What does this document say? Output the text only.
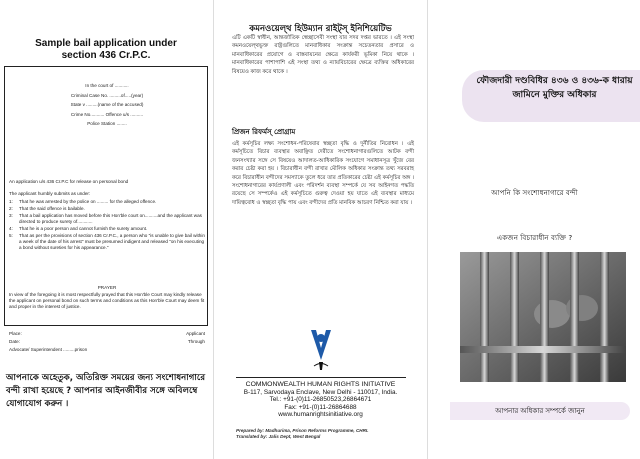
Sample bail application under
section 436 Cr.P.C.
In the court of ...........
Criminal Case No. .........of.....(year)
State v .........(name of the accused)
Crime No........... Offence u/s ..........
Police Station ........
An application u/s 436 Cr.P.C for release on personal bond
The applicant humbly submits as under:
1: That he was arrested by the police on ......... for the alleged offence.
2: That the said offence is bailable.
3: That a bail application has moved before this Hon'ble court on..........and the applicant was directed to produce surety of............
4: That he is a poor person and cannot furnish the surety amount.
5: That as per the provisions of section 436 Cr.P.C., a person who "is unable to give bail within a week of the date of his arrest" must be presumed indigent and released "on his executing a bond without sureties for his appearance."
PRAYER
In view of the foregoing it is most respectfully prayed that this Hon'ble Court may kindly release the applicant on personal bond on such terms and conditions as this Hon'ble Court may deem fit and proper in the interest of justice.
Place:	Applicant
Date:	Through
Advocate/ Superintendent .........prison
আপনাকে অহেতুক, অতিরিক্ত সময়ের জন্য সংশোধনাগারে বন্দী রাখা হয়েছে ? আপনার আইনজীবীর সঙ্গে অবিলম্বে যোগাযোগ করুন ।
কমনওয়েল্থ হিউম্যান রাইট্স্ ইনিশিয়েটিভ
এটি একটি স্বাধীন, আন্তর্জাতিক স্বেচ্ছাসেবী সংস্থা যার সদর দপ্তর ভারতে । এই সংস্থা কমনওয়েল্থভুক্ত রাষ্ট্রগুলিতে মানবাধিকার সংক্রান্ত সচেতনতার প্রসারে ও মানবাধিকারের প্রয়োগে ও বাস্তবায়নের ক্ষেত্রে কার্যকরী ভূমিকা নিয়ে থাকে । মানবাধিকারের পাশাপাশি এই সংস্থা তথ্য ও ন্যায়বিচারের ক্ষেত্রে ব্যক্তির অধিকারের বিষয়েও কাজ করে থাকে ।
প্রিজন রিফর্মস্ প্রোগ্রাম
এই কর্মসূচির লক্ষ্য সংশোধন-পরিষেবার স্বচ্ছতা বৃদ্ধি ও দুর্নীতির নিরোধন । এই কর্মসূচিতে বিচার ব্যবস্থার অবাঞ্ছিত দেরীতে সংশোধনাগারগুলিতে আটক বন্দী জনসংখ্যার সঙ্গে সে বিষয়েও আদালত-আধিকারিক সংযোগে সমাধানসূত্র খুঁজে বের করার চেষ্টা করা হয় । বিচারাধীন বন্দী রাখার মৌলিক অধিকার সংক্রান্ত তথ্য সরবরাহ করে বিচারাধীন বন্দীদের সমস্যাকে তুলে ধরে তার প্রতিকারের চেষ্টা এই কর্মসূচির অঙ্গ । সংশোধনাগারের কার্যপ্রণালী এবং পরিদর্শন ব্যবস্থা সম্পর্কে যে সব আইনগত পদ্ধতি রয়েছে সে সম্পর্কেও এই কর্মসূচিতে গুরুত্ব দেওয়া হয় যাতে এই ব্যবস্থার মাধ্যমে দায়িত্ববোধ ও স্বচ্ছতা বৃদ্ধি পায় এবং বন্দীদের প্রতি মানবিক আচরণ নিশ্চিত করা যায় ।
COMMONWEALTH HUMAN RIGHTS INITIATIVE
B-117, Sarvodaya Enclave, New Delhi - 110017, India.
Tel.: +91-(0)11-26850523,26864671
Fax: +91-(0)11-26864688
www.humanrightsinitiative.org
Prepared by: Madhurima, Prison Reforms Programme, CHRI.
Translated by: Jalis Dept, West Bengal
ফৌজদারী দণ্ডবিধির ৪৩৬ ও ৪৩৬-ক ধারায় জামিনে মুক্তির অধিকার
আপনি কি সংশোধনাগারে বন্দী
একজন বিচারাধীন ব্যক্তি ?
আপনার অধিকার সম্পর্কে জানুন
